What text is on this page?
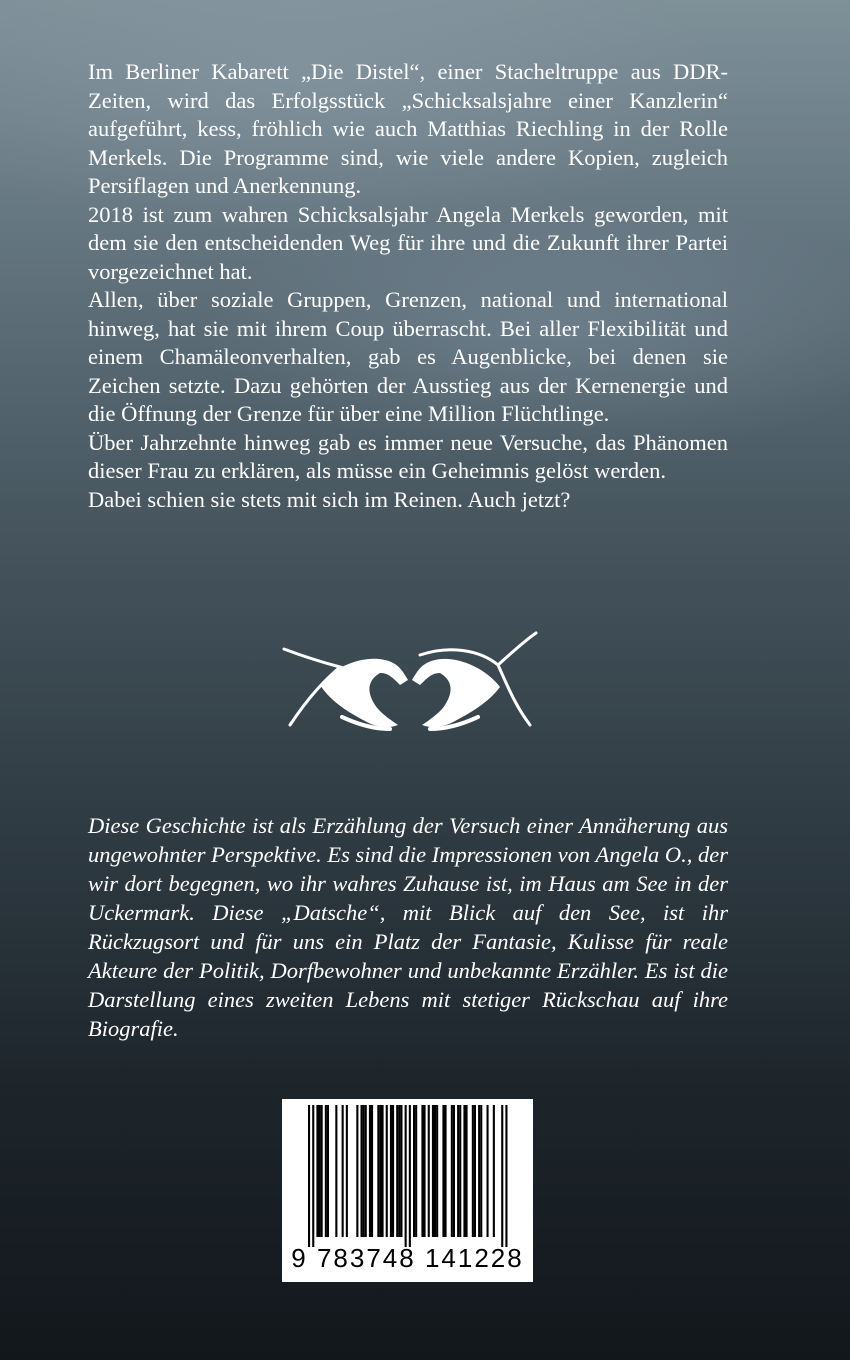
Im Berliner Kabarett „Die Distel“, einer Stacheltruppe aus DDR-Zeiten, wird das Erfolgsstück „Schicksalsjahre einer Kanzlerin“ aufgeführt, kess, fröhlich wie auch Matthias Riechling in der Rolle Merkels. Die Programme sind, wie viele andere Kopien, zugleich Persiflagen und Anerkennung.

2018 ist zum wahren Schicksalsjahr Angela Merkels geworden, mit dem sie den entscheidenden Weg für ihre und die Zukunft ihrer Partei vorgezeichnet hat.

Allen, über soziale Gruppen, Grenzen, national und international hinweg, hat sie mit ihrem Coup überrascht. Bei aller Flexibilität und einem Chamäleonverhalten, gab es Augenblicke, bei denen sie Zeichen setzte. Dazu gehörten der Ausstieg aus der Kernenergie und die Öffnung der Grenze für über eine Million Flüchtlinge.

Über Jahrzehnte hinweg gab es immer neue Versuche, das Phänomen dieser Frau zu erklären, als müsse ein Geheimnis gelöst werden.

Dabei schien sie stets mit sich im Reinen. Auch jetzt?

Diese Geschichte ist als Erzählung der Versuch einer Annäherung aus ungewohnter Perspektive. Es sind die Impressionen von Angela O., der wir dort begegnen, wo ihr wahres Zuhause ist, im Haus am See in der Uckermark. Diese „Datsche“, mit Blick auf den See, ist ihr Rückzugsort und für uns ein Platz der Fantasie, Kulisse für reale Akteure der Politik, Dorfbewohner und unbekannte Erzähler. Es ist die Darstellung eines zweiten Lebens mit stetiger Rückschau auf ihre Biografie.

9 783748 141228
